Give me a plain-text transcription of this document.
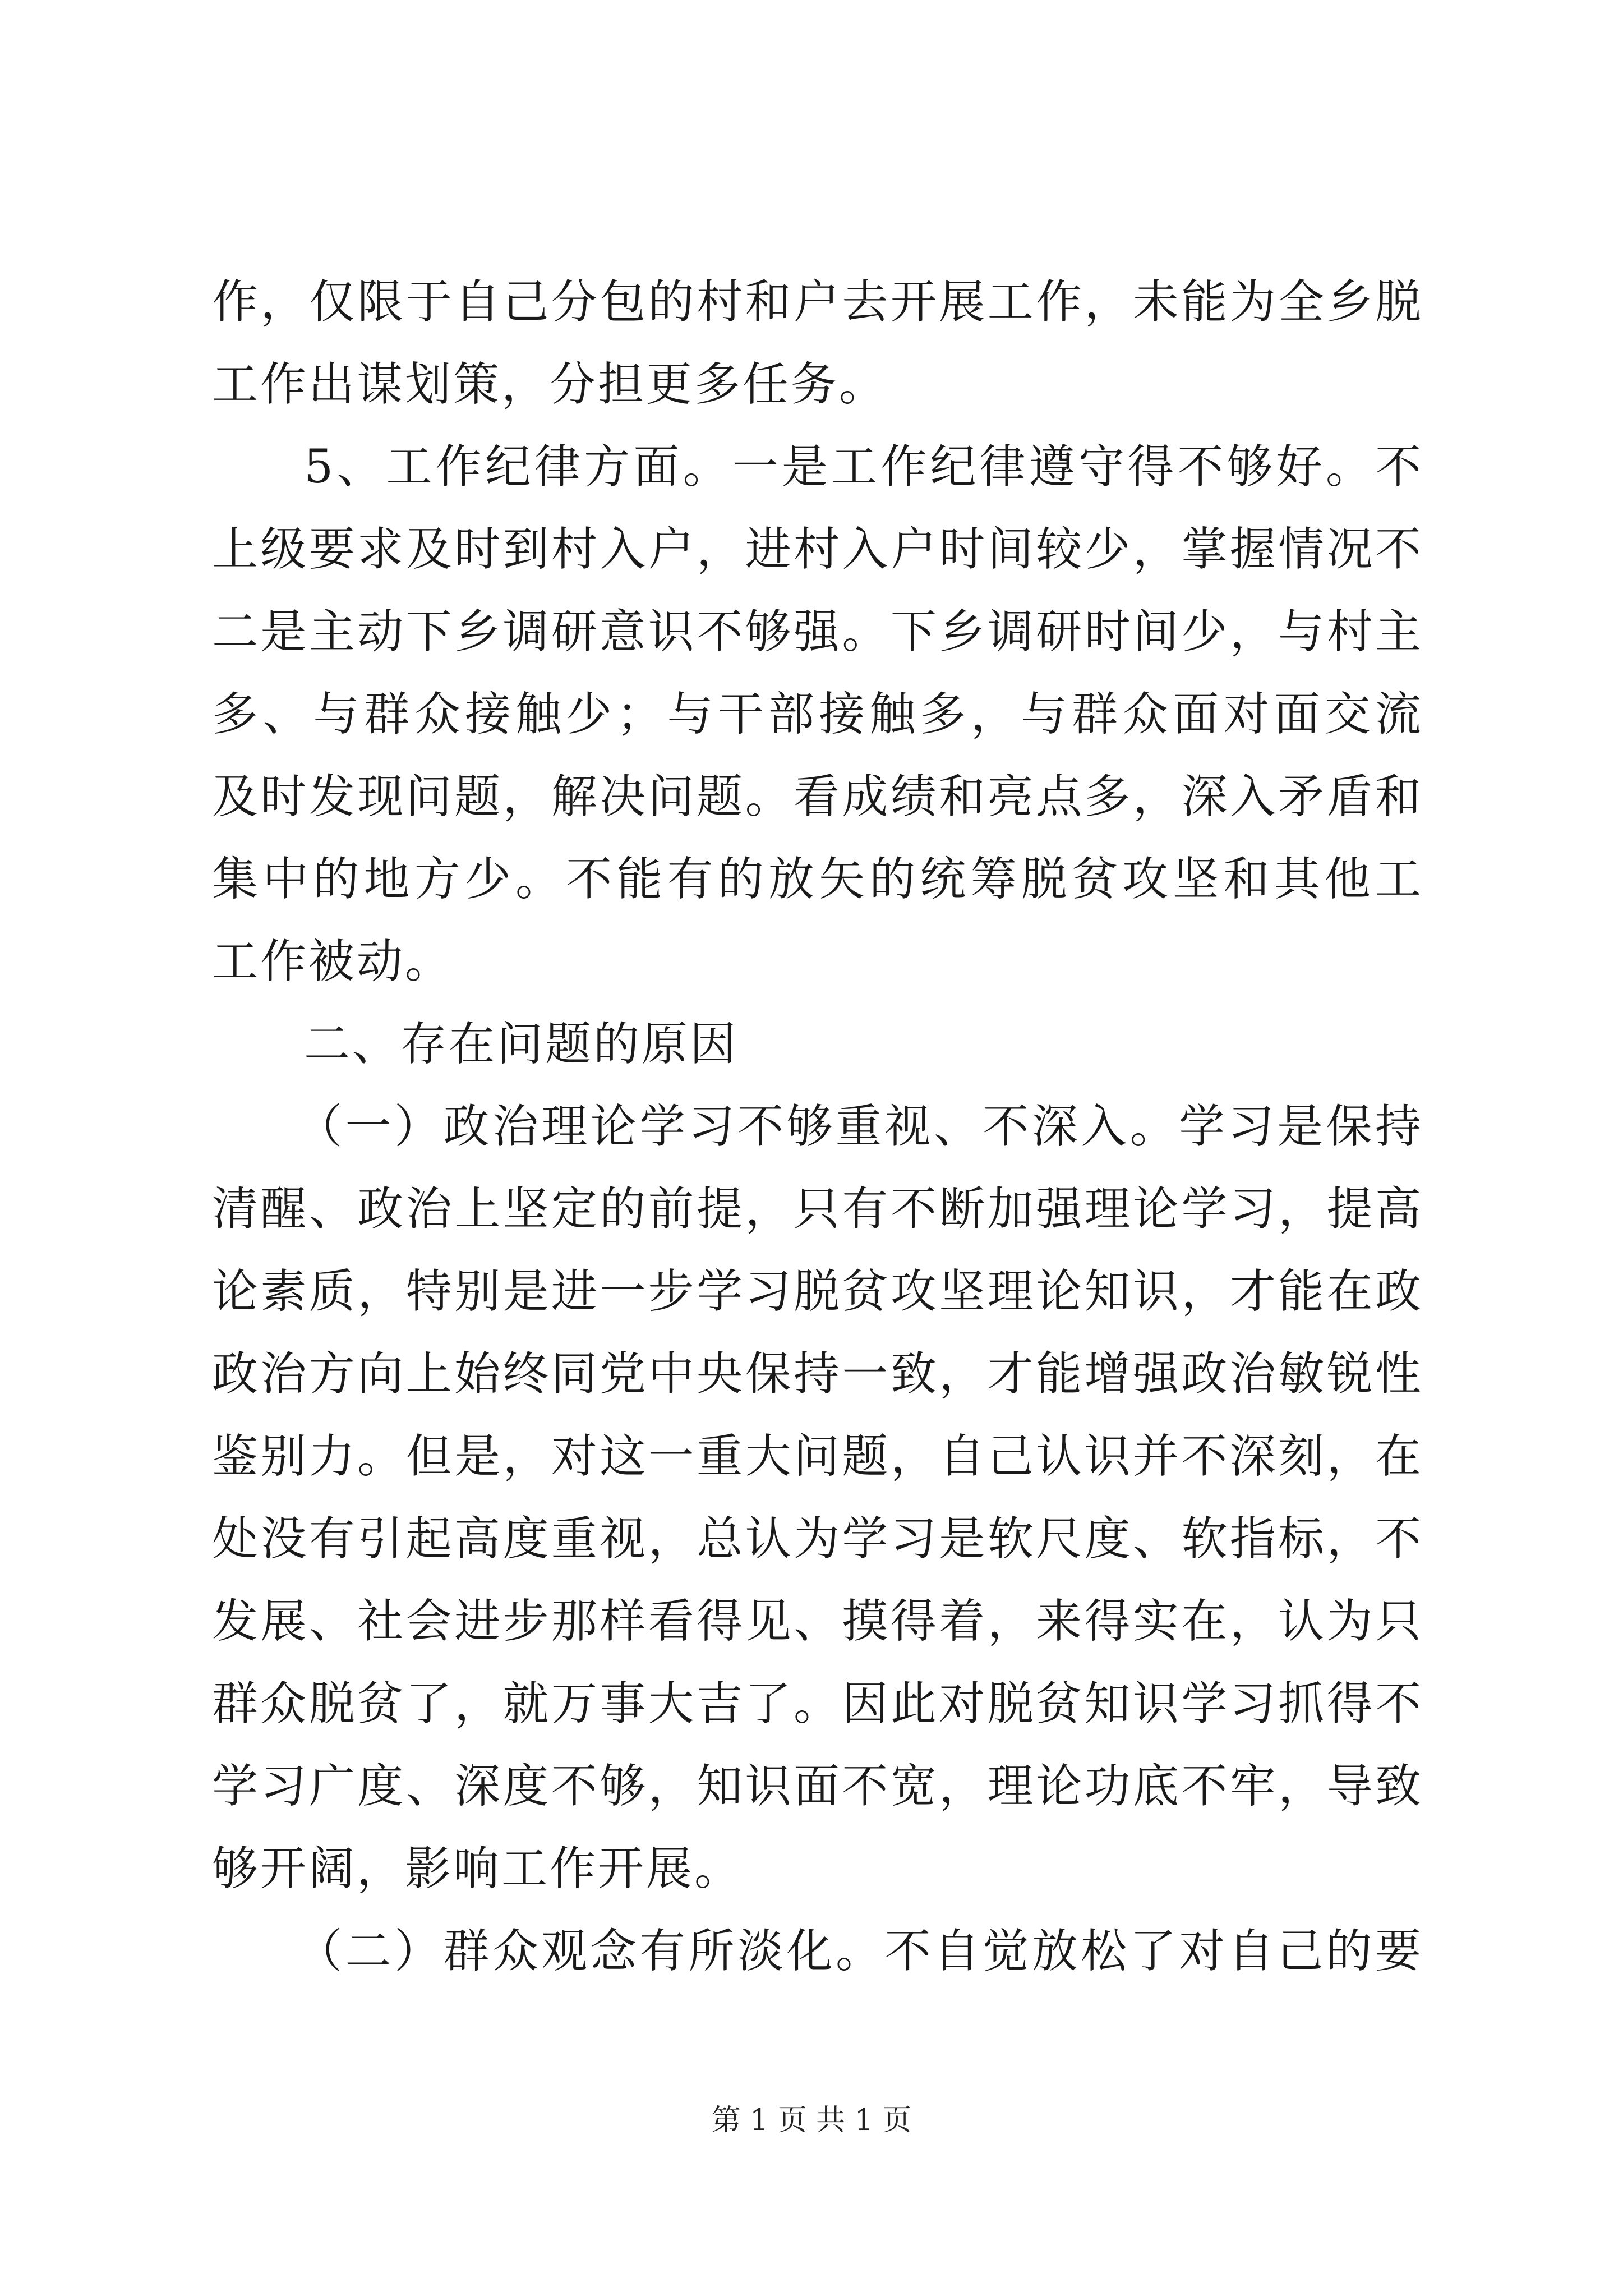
作，仅限于自己分包的村和户去开展工作，未能为全乡脱
工作出谋划策，分担更多任务。
5、工作纪律方面。一是工作纪律遵守得不够好。不
上级要求及时到村入户，进村入户时间较少，掌握情况不
二是主动下乡调研意识不够强。下乡调研时间少，与村主
多、与群众接触少；与干部接触多，与群众面对面交流
及时发现问题，解决问题。看成绩和亮点多，深入矛盾和
集中的地方少。不能有的放矢的统筹脱贫攻坚和其他工
工作被动。
二、存在问题的原因
（一）政治理论学习不够重视、不深入。学习是保持
清醒、政治上坚定的前提，只有不断加强理论学习，提高
论素质，特别是进一步学习脱贫攻坚理论知识，才能在政
政治方向上始终同党中央保持一致，才能增强政治敏锐性
鉴别力。但是，对这一重大问题，自己认识并不深刻，在
处没有引起高度重视，总认为学习是软尺度、软指标，不
发展、社会进步那样看得见、摸得着，来得实在，认为只
群众脱贫了，就万事大吉了。因此对脱贫知识学习抓得不
学习广度、深度不够，知识面不宽，理论功底不牢，导致
够开阔，影响工作开展。
（二）群众观念有所淡化。不自觉放松了对自己的要
第 1 页 共 1 页
